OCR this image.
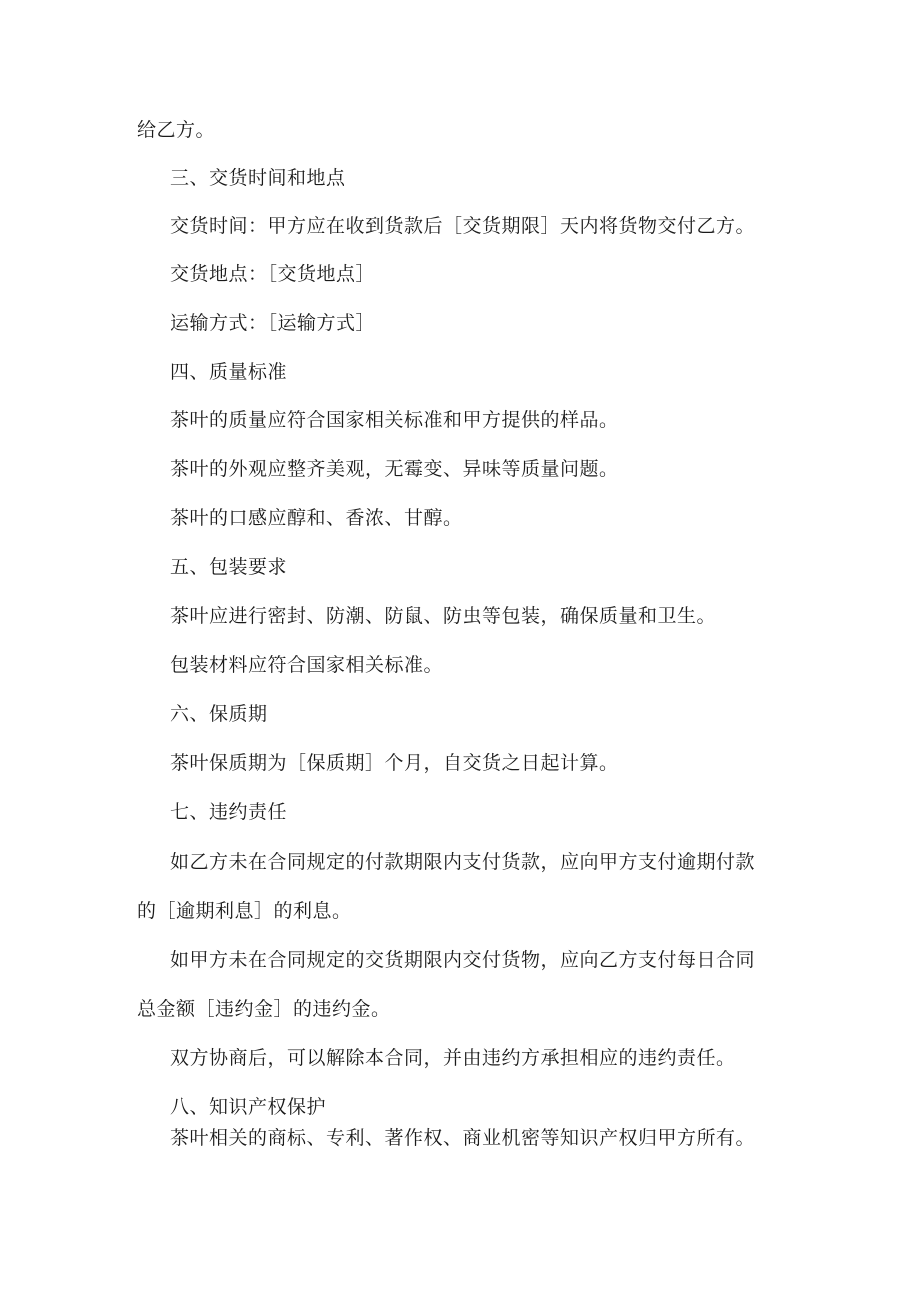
给乙方。
三、交货时间和地点
交货时间：甲方应在收到货款后［交货期限］天内将货物交付乙方。
交货地点：［交货地点］
运输方式：［运输方式］
四、质量标准
茶叶的质量应符合国家相关标准和甲方提供的样品。
茶叶的外观应整齐美观，无霉变、异味等质量问题。
茶叶的口感应醇和、香浓、甘醇。
五、包装要求
茶叶应进行密封、防潮、防鼠、防虫等包装，确保质量和卫生。
包装材料应符合国家相关标准。
六、保质期
茶叶保质期为［保质期］个月，自交货之日起计算。
七、违约责任
如乙方未在合同规定的付款期限内支付货款，应向甲方支付逾期付款
的［逾期利息］的利息。
如甲方未在合同规定的交货期限内交付货物，应向乙方支付每日合同
总金额［违约金］的违约金。
双方协商后，可以解除本合同，并由违约方承担相应的违约责任。
八、知识产权保护
茶叶相关的商标、专利、著作权、商业机密等知识产权归甲方所有。
